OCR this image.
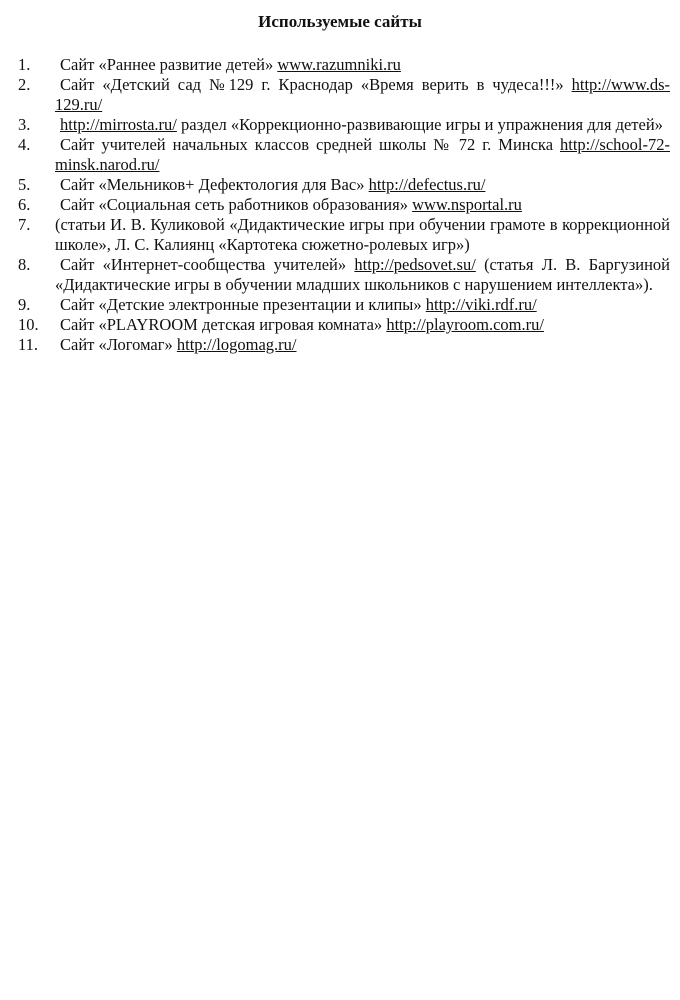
Используемые сайты
1.	Сайт «Раннее развитие детей» www.razumniki.ru
2.	Сайт «Детский сад №129 г. Краснодар «Время верить в чудеса!!!» http://www.ds-129.ru/
3.	http://mirrosta.ru/ раздел «Коррекционно-развивающие игры и упражнения для детей»
4.	Сайт учителей начальных классов средней школы № 72 г. Минска http://school-72-minsk.narod.ru/
5.	Сайт «Мельников+ Дефектология для Вас» http://defectus.ru/
6.	Сайт «Социальная сеть работников образования» www.nsportal.ru
7.	(статьи И. В. Куликовой «Дидактические игры при обучении грамоте в коррекционной школе», Л. С. Калиянц «Картотека сюжетно-ролевых игр»)
8.	Сайт «Интернет-сообщества учителей» http://pedsovet.su/ (статья Л. В. Баргузиной «Дидактические игры в обучении младших школьников с нарушением интеллекта»).
9.	Сайт «Детские электронные презентации и клипы» http://viki.rdf.ru/
10.	Сайт «PLAYROOM детская игровая комната» http://playroom.com.ru/
11.	Сайт «Логомаг» http://logomag.ru/
